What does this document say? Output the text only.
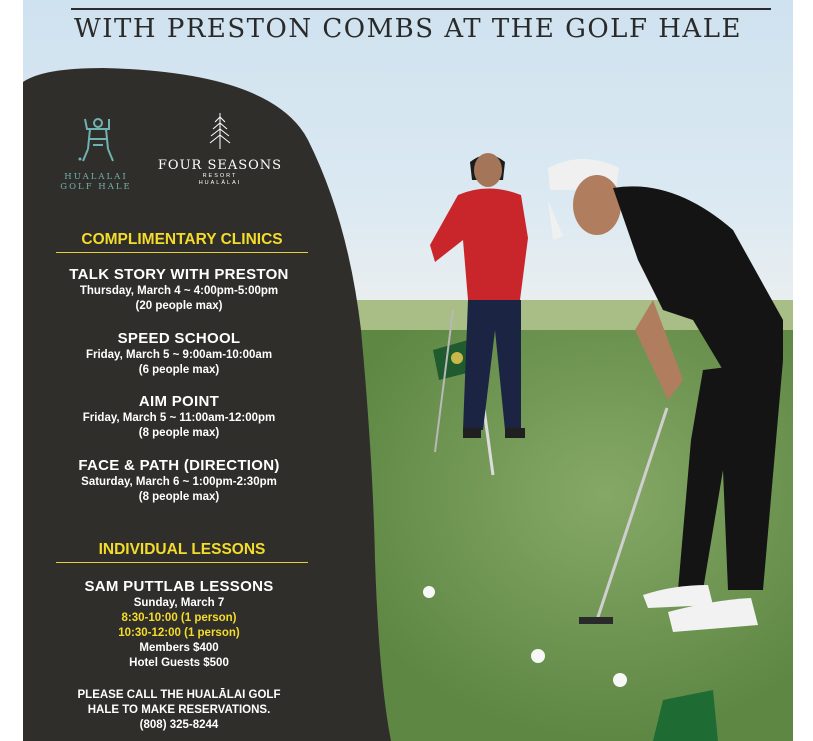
WITH PRESTON COMBS AT THE GOLF HALE
HUALALAI
GOLF HALE
FOUR SEASONS
RESORT
HUALĀLAI
COMPLIMENTARY CLINICS
TALK STORY WITH PRESTON
Thursday, March 4 ~ 4:00pm-5:00pm
(20 people max)
SPEED SCHOOL
Friday, March 5 ~ 9:00am-10:00am
(6 people max)
AIM POINT
Friday, March 5 ~ 11:00am-12:00pm
(8 people max)
FACE & PATH (DIRECTION)
Saturday, March 6 ~ 1:00pm-2:30pm
(8 people max)
INDIVIDUAL LESSONS
SAM PUTTLAB LESSONS
Sunday, March 7
8:30-10:00 (1 person)
10:30-12:00 (1 person)
Members $400
Hotel Guests $500
PLEASE CALL THE HUALĀLAI GOLF
HALE TO MAKE RESERVATIONS.
(808) 325-8244
